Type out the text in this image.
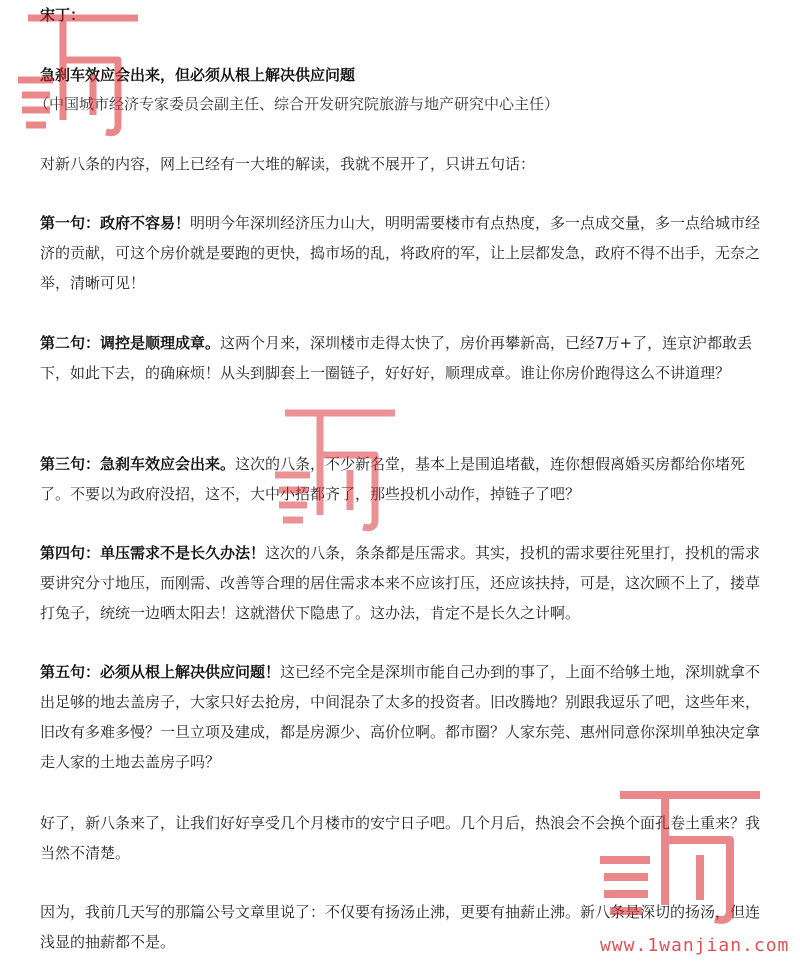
宋丁：
急刹车效应会出来，但必须从根上解决供应问题
（中国城市经济专家委员会副主任、综合开发研究院旅游与地产研究中心主任）
对新八条的内容，网上已经有一大堆的解读，我就不展开了，只讲五句话：

第一句：政府不容易！明明今年深圳经济压力山大，明明需要楼市有点热度，多一点成交量，多一点给城市经济的贡献，可这个房价就是要跑的更快，捣市场的乱，将政府的军，让上层都发急，政府不得不出手，无奈之举，清晰可见！

第二句：调控是顺理成章。这两个月来，深圳楼市走得太快了，房价再攀新高，已经7万+了，连京沪都敢丢下，如此下去，的确麻烦！从头到脚套上一圈链子，好好好，顺理成章。谁让你房价跑得这么不讲道理？

第三句：急刹车效应会出来。这次的八条，不少新名堂，基本上是围追堵截，连你想假离婚买房都给你堵死了。不要以为政府没招，这不，大中小招都齐了，那些投机小动作，掉链子了吧？

第四句：单压需求不是长久办法！这次的八条，条条都是压需求。其实，投机的需求要往死里打，投机的需求要讲究分寸地压，而刚需、改善等合理的居住需求本来不应该打压，还应该扶持，可是，这次顾不上了，搂草打兔子，统统一边晒太阳去！这就潜伏下隐患了。这办法，肯定不是长久之计啊。

第五句：必须从根上解决供应问题！这已经不完全是深圳市能自己办到的事了，上面不给够土地，深圳就拿不出足够的地去盖房子，大家只好去抢房，中间混杂了太多的投资者。旧改腾地？别跟我逗乐了吧，这些年来，旧改有多难多慢？一旦立项及建成，都是房源少、高价位啊。都市圈？人家东莞、惠州同意你深圳单独决定拿走人家的土地去盖房子吗？

好了，新八条来了，让我们好好享受几个月楼市的安宁日子吧。几个月后，热浪会不会换个面孔卷土重来？我当然不清楚。

因为，我前几天写的那篇公号文章里说了：不仅要有扬汤止沸，更要有抽薪止沸。新八条是深切的扬汤，但连浅显的抽薪都不是。	www.1wanjian.com
